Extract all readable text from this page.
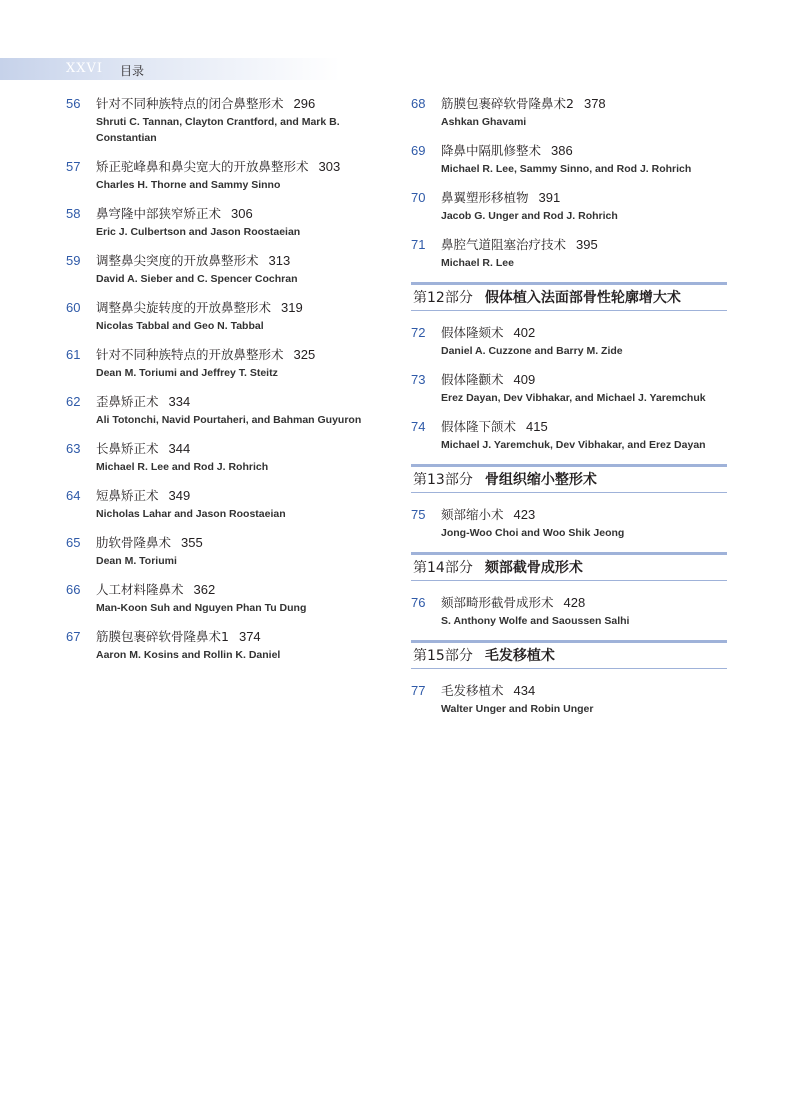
XXVI 目录
56 针对不同种族特点的闭合鼻整形术 296
Shruti C. Tannan, Clayton Crantford, and Mark B. Constantian
57 矫正驼峰鼻和鼻尖宽大的开放鼻整形术 303
Charles H. Thorne and Sammy Sinno
58 鼻穹隆中部狭窄矫正术 306
Eric J. Culbertson and Jason Roostaeian
59 调整鼻尖突度的开放鼻整形术 313
David A. Sieber and C. Spencer Cochran
60 调整鼻尖旋转度的开放鼻整形术 319
Nicolas Tabbal and Geo N. Tabbal
61 针对不同种族特点的开放鼻整形术 325
Dean M. Toriumi and Jeffrey T. Steitz
62 歪鼻矫正术 334
Ali Totonchi, Navid Pourtaheri, and Bahman Guyuron
63 长鼻矫正术 344
Michael R. Lee and Rod J. Rohrich
64 短鼻矫正术 349
Nicholas Lahar and Jason Roostaeian
65 肋软骨隆鼻术 355
Dean M. Toriumi
66 人工材料隆鼻术 362
Man-Koon Suh and Nguyen Phan Tu Dung
67 筋膜包裹碎软骨隆鼻术1 374
Aaron M. Kosins and Rollin K. Daniel
68 筋膜包裹碎软骨隆鼻术2 378
Ashkan Ghavami
69 降鼻中隔肌修整术 386
Michael R. Lee, Sammy Sinno, and Rod J. Rohrich
70 鼻翼塑形移植物 391
Jacob G. Unger and Rod J. Rohrich
71 鼻腔气道阻塞治疗技术 395
Michael R. Lee
第12部分 假体植入法面部骨性轮廓增大术
72 假体隆颏术 402
Daniel A. Cuzzone and Barry M. Zide
73 假体隆颧术 409
Erez Dayan, Dev Vibhakar, and Michael J. Yaremchuk
74 假体隆下颌术 415
Michael J. Yaremchuk, Dev Vibhakar, and Erez Dayan
第13部分 骨组织缩小整形术
75 颏部缩小术 423
Jong-Woo Choi and Woo Shik Jeong
第14部分 颏部截骨成形术
76 颏部畸形截骨成形术 428
S. Anthony Wolfe and Saoussen Salhi
第15部分 毛发移植术
77 毛发移植术 434
Walter Unger and Robin Unger
